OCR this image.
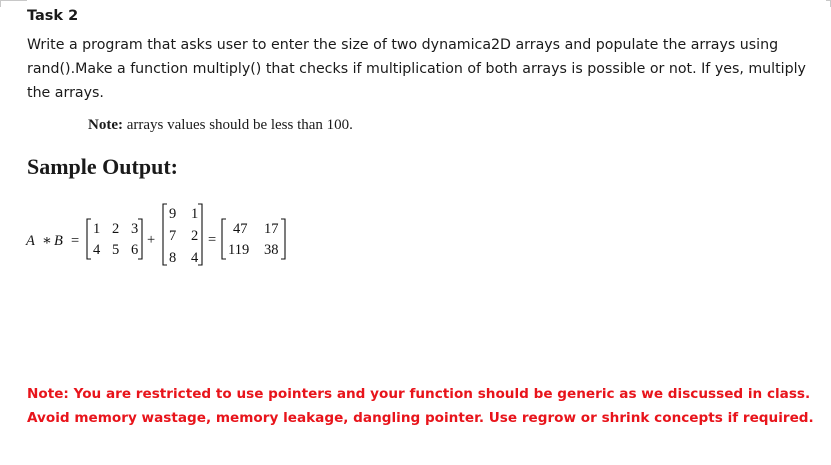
Task 2
Write a program that asks user to enter the size of two dynamica2D arrays and populate the arrays using rand().Make a function multiply() that checks if multiplication of both arrays is possible or not. If yes, multiply the arrays.
Note: arrays values should be less than 100.
Sample Output:
A ∗ B =
1 2 3
4 5 6
+
9 1
7 2
8 4
=
47 17
119 38
Note: You are restricted to use pointers and your function should be generic as we discussed in class.
Avoid memory wastage, memory leakage, dangling pointer. Use regrow or shrink concepts if required.
